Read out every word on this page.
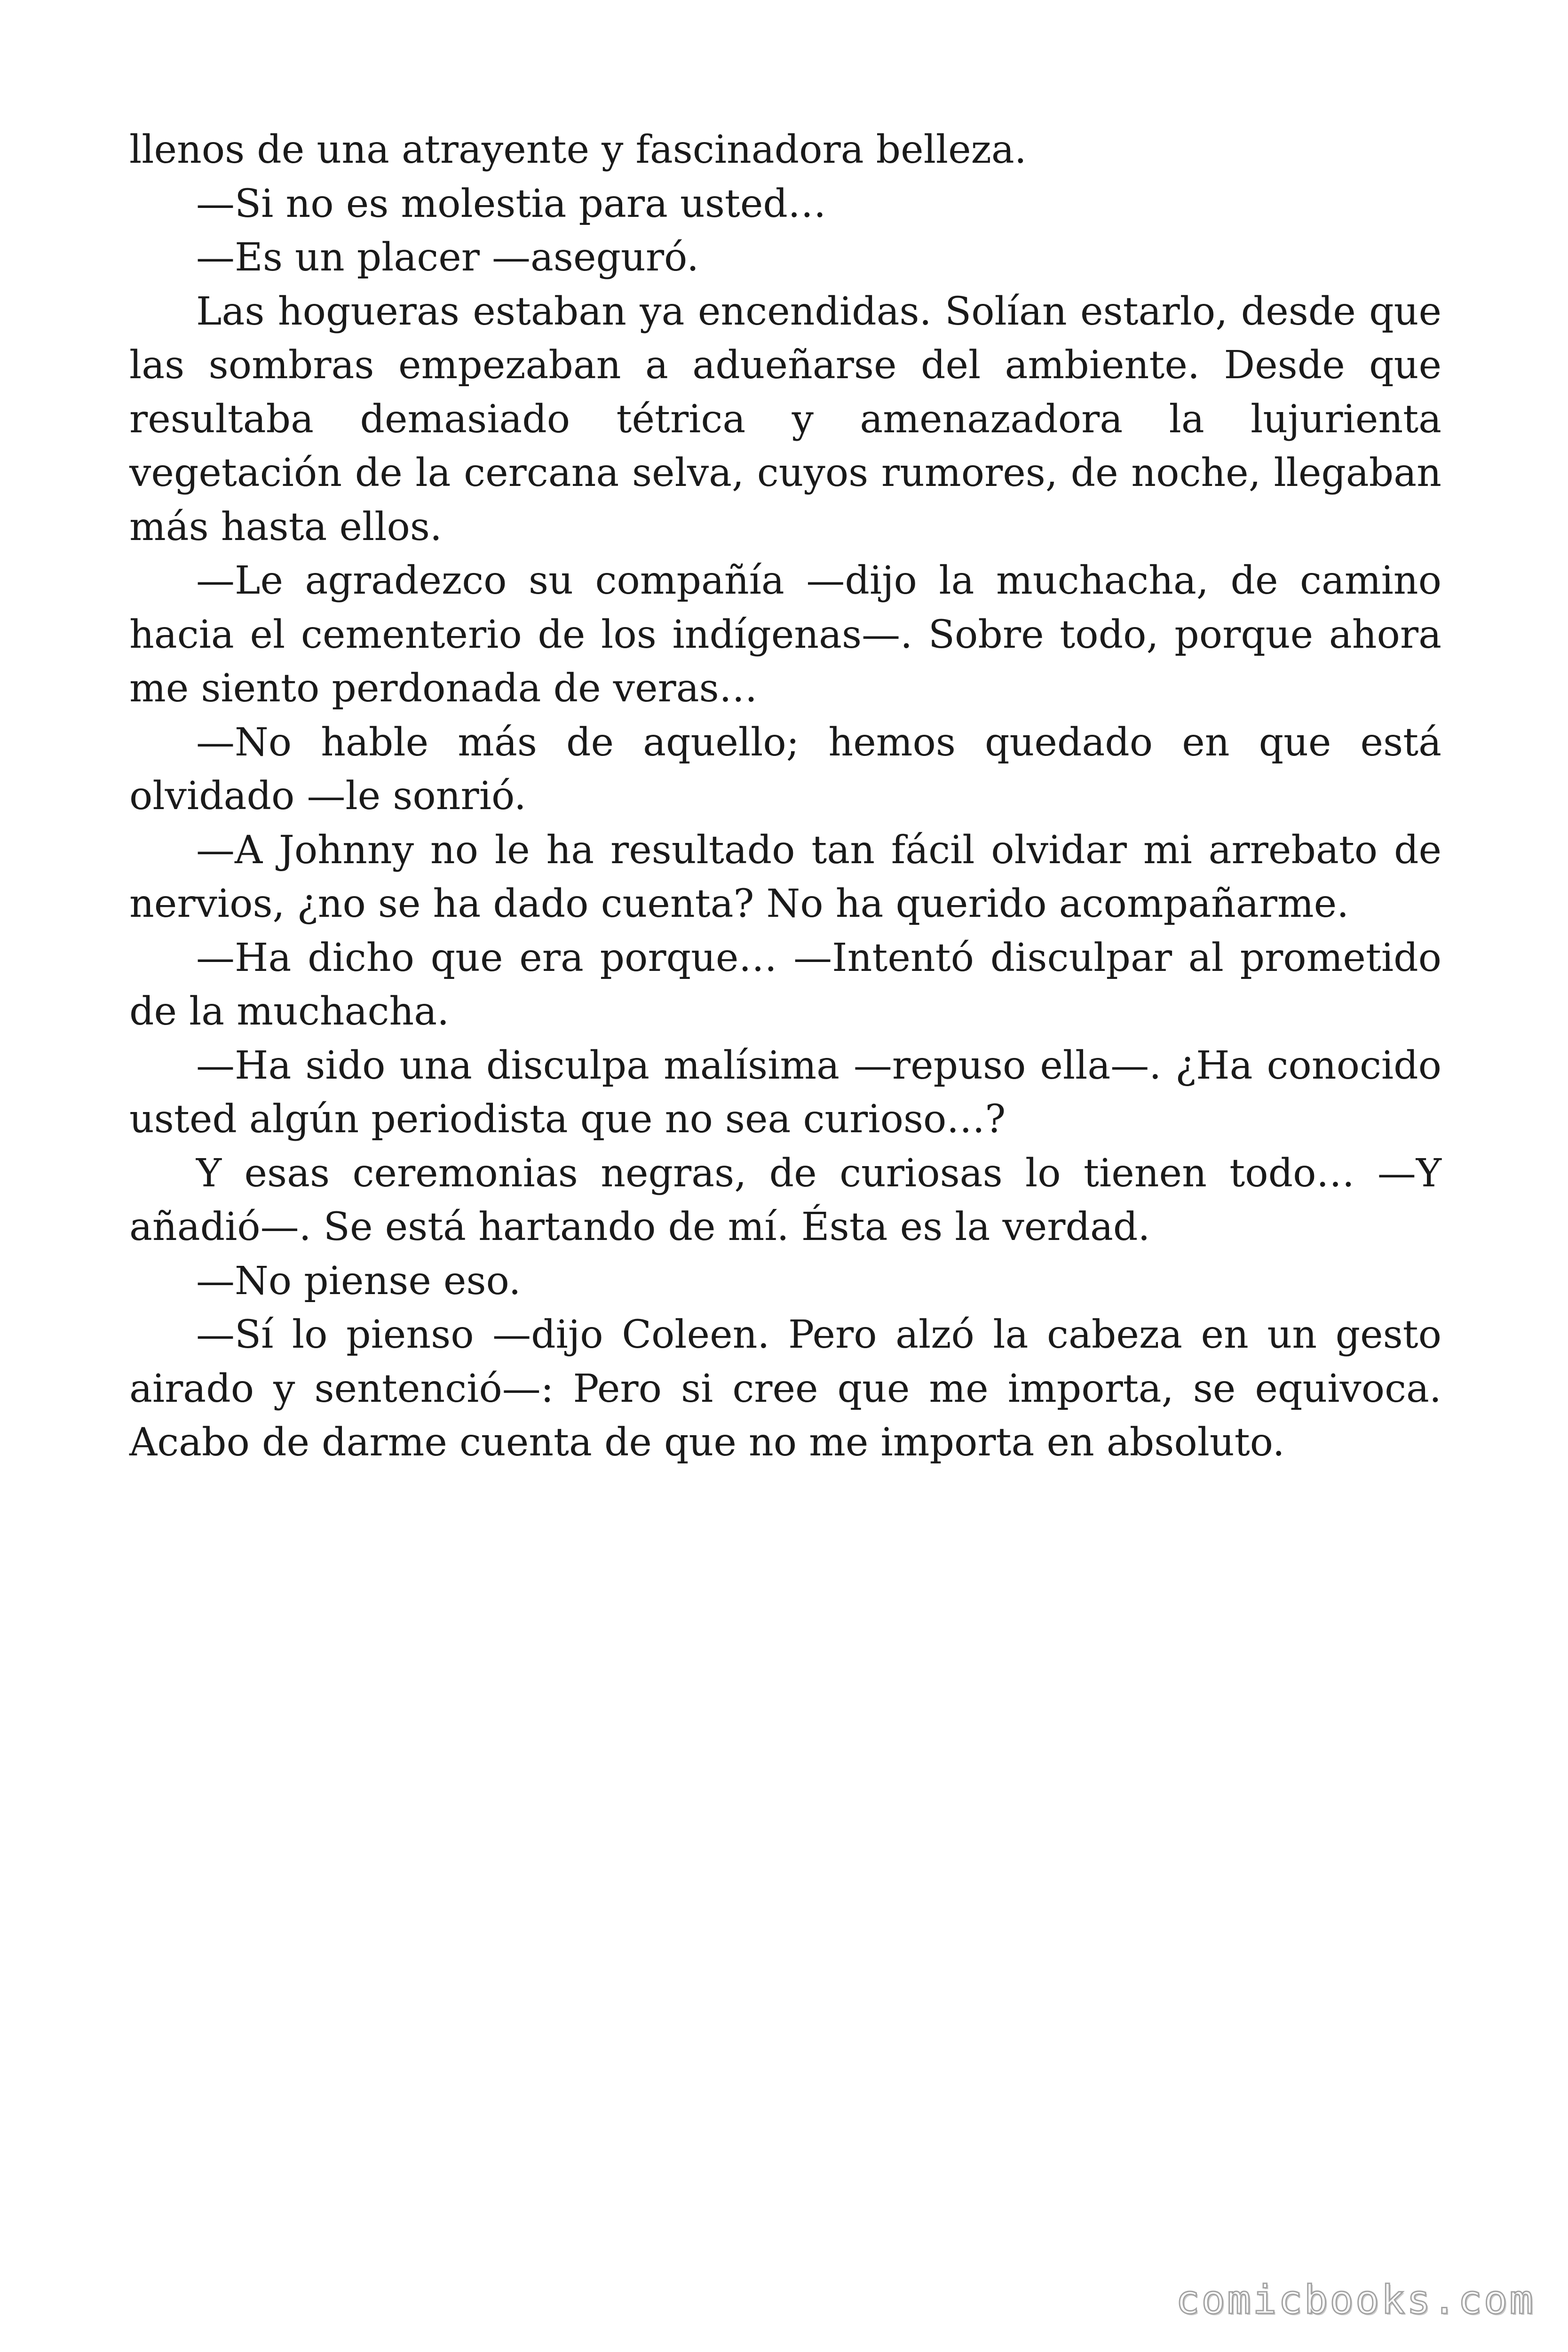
llenos de una atrayente y fascinadora belleza.

—Si no es molestia para usted…

—Es un placer —aseguró.

Las hogueras estaban ya encendidas. Solían estarlo, desde que las sombras empezaban a adueñarse del ambiente. Desde que resultaba demasiado tétrica y amenazadora la lujurienta vegetación de la cercana selva, cuyos rumores, de noche, llegaban más hasta ellos.

—Le agradezco su compañía —dijo la muchacha, de camino hacia el cementerio de los indígenas—. Sobre todo, porque ahora me siento perdonada de veras…

—No hable más de aquello; hemos quedado en que está olvidado —le sonrió.

—A Johnny no le ha resultado tan fácil olvidar mi arrebato de nervios, ¿no se ha dado cuenta? No ha querido acompañarme.

—Ha dicho que era porque… —Intentó disculpar al prometido de la muchacha.

—Ha sido una disculpa malísima —repuso ella—. ¿Ha conocido usted algún periodista que no sea curioso…?

Y esas ceremonias negras, de curiosas lo tienen todo… —Y añadió—. Se está hartando de mí. Ésta es la verdad.

—No piense eso.

—Sí lo pienso —dijo Coleen. Pero alzó la cabeza en un gesto airado y sentenció—: Pero si cree que me importa, se equivoca. Acabo de darme cuenta de que no me importa en absoluto.

comicbooks.com
